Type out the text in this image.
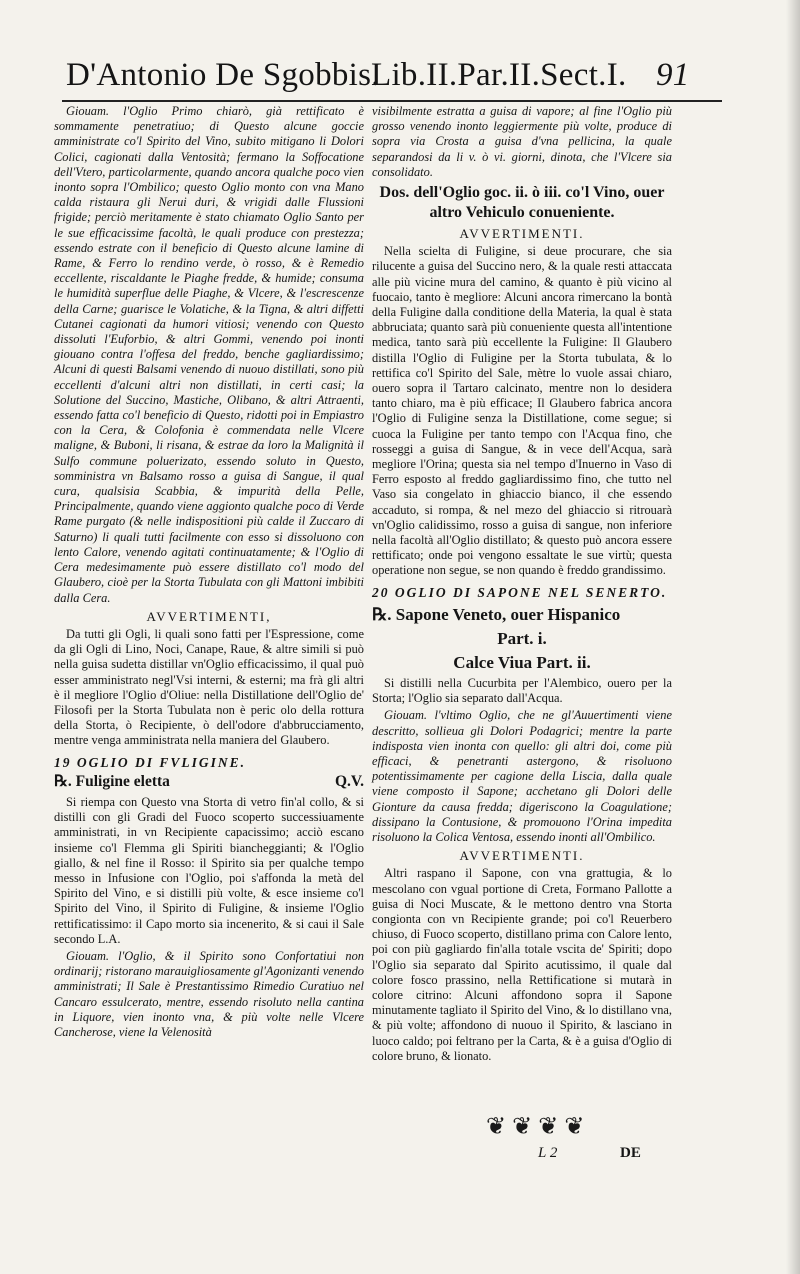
D'Antonio De Sgobbis.
Lib.II.Par.II.Sect.I. 91

Giouam. l'Oglio Primo chiarò, già rettificato è sommamente penetratiuo; di Questo alcune goccie amministrate co'l Spirito del Vino, subito mitigano li Dolori Colici, cagionati dalla Ventosità; fermano la Soffocatione dell'Vtero, particolarmente, quando ancora qualche poco vien inonto sopra l'Ombilico; questo Oglio monto con vna Mano calda ristaura gli Nerui duri, & vrigidi dalle Flussioni frigide; perciò meritamente è stato chiamato Oglio Santo per le sue efficacissime facoltà, le quali produce con prestezza; essendo estrate con il beneficio di Questo alcune lamine di Rame, & Ferro lo rendino verde, ò rosso, & è Remedio eccellente, riscaldante le Piaghe fredde, & humide; consuma le humidità superflue delle Piaghe, & Vlcere, & l'escrescenze della Carne; guarisce le Volatiche, & la Tigna, & altri diffetti Cutanei cagionati da humori vitiosi; venendo con Questo dissoluti l'Euforbio, & altri Gommi, venendo poi inonti giouano contra l'offesa del freddo, benche gagliardissimo; Alcuni di questi Balsami venendo di nuouo distillati, sono più eccellenti d'alcuni altri non distillati, in certi casi; la Solutione del Succino, Mastiche, Olibano, & altri Attraenti, essendo fatta co'l beneficio di Questo, ridotti poi in Empiastro con la Cera, & Colofonia è commendata nelle Vlcere maligne, & Buboni, li risana, & estrae da loro la Malignità il Sulfo commune poluerizato, essendo soluto in Questo, somministra vn Balsamo rosso a guisa di Sangue, il qual cura, qualsisia Scabbia, & impurità della Pelle, Principalmente, quando viene aggionto qualche poco di Verde Rame purgato (& nelle indispositioni più calde il Zuccaro di Saturno) li quali tutti facilmente con esso si dissoluono con lento Calore, venendo agitati continuatamente; & l'Oglio di Cera medesimamente può essere distillato co'l modo del Glaubero, cioè per la Storta Tubulata con gli Mattoni imbibiti dalla Cera.

AVVERTIMENTI,

Da tutti gli Ogli, li quali sono fatti per l'Espressione, come da gli Ogli di Lino, Noci, Canape, Raue, & altre simili si può nella guisa sudetta distillar vn'Oglio efficacissimo, il qual può esser amministrato negl'Vsi interni, & esterni; ma frà gli altri è il megliore l'Oglio d'Oliue: nella Distillatione dell'Oglio de' Filosofi per la Storta Tubulata non è peric olo della rottura della Storta, ò Recipiente, ò dell'odore d'abbrucciamento, mentre venga amministrata nella maniera del Glaubero.

19 OGLIO DI FVLIGINE.
℞. Fuligine eletta	Q.V.

Si riempa con Questo vna Storta di vetro fin'al collo, & si distilli con gli Gradi del Fuoco scoperto successiuamente amministrati, in vn Recipiente capacissimo; acciò escano insieme co'l Flemma gli Spiriti biancheggianti; & l'Oglio giallo, & nel fine il Rosso: il Spirito sia per qualche tempo messo in Infusione con l'Oglio, poi s'affonda la metà del Spirito del Vino, e si distilli più volte, & esce insieme co'l Spirito del Vino, il Spirito di Fuligine, & insieme l'Oglio rettificatissimo: il Capo morto sia incenerito, & si caui il Sale secondo L.A.

Giouam. l'Oglio, & il Spirito sono Confortatiui non ordinarij; ristorano marauigliosamente gl'Agonizanti venendo amministrati; Il Sale è Prestantissimo Rimedio Curatiuo nel Cancaro essulcerato, mentre, essendo risoluto nella cantina in Liquore, vien inonto vna, & più volte nelle Vlcere Cancherose, viene la Velenosità

visibilmente estratta a guisa di vapore; al fine l'Oglio più grosso venendo inonto leggiermente più volte, produce di sopra via Crosta a guisa d'vna pellicina, la quale separandosi da li v. ò vi. giorni, dinota, che l'Vlcere sia consolidato.

Dos. dell'Oglio goc. ii. ò iii. co'l Vino, ouer altro Vehiculo conueniente.
AVVERTIMENTI.

Nella scielta di Fuligine, si deue procurare, che sia rilucente a guisa del Succino nero, & la quale resti attaccata alle più vicine mura del camino, & quanto è più vicino al fuocaio, tanto è megliore: Alcuni ancora rimercano la bontà della Fuligine dalla conditione della Materia, la qual è stata abbruciata; quanto sarà più conueniente questa all'intentione medica, tanto sarà più eccellente la Fuligine: Il Glaubero distilla l'Oglio di Fuligine per la Storta tubulata, & lo rettifica co'l Spirito del Sale, mètre lo vuole assai chiaro, ouero sopra il Tartaro calcinato, mentre non lo desidera tanto chiaro, ma è più efficace; Il Glaubero fabrica ancora l'Oglio di Fuligine senza la Distillatione, come segue; si cuoca la Fuligine per tanto tempo con l'Acqua fino, che rosseggi a guisa di Sangue, & in vece dell'Acqua, sarà megliore l'Orina; questa sia nel tempo d'Inuerno in Vaso di Ferro esposto al freddo gagliardissimo fino, che tutto nel Vaso sia congelato in ghiaccio bianco, il che essendo accaduto, si rompa, & nel mezo del ghiaccio si ritrouarà vn'Oglio calidissimo, rosso a guisa di sangue, non inferiore nella facoltà all'Oglio distillato; & questo può ancora essere rettificato; onde poi vengono essaltate le sue virtù; questa operatione non segue, se non quando è freddo grandissimo.

20 OGLIO DI SAPONE NEL SENERTO.
℞. Sapone Veneto, ouer Hispanico
Part. i.
Calce Viua Part. ii.

Si distilli nella Cucurbita per l'Alembico, ouero per la Storta; l'Oglio sia separato dall'Acqua.

Giouam. l'vltimo Oglio, che ne gl'Auuertimenti viene descritto, sollieua gli Dolori Podagrici; mentre la parte indisposta vien inonta con quello: gli altri doi, come più efficaci, & penetranti astergono, & risoluono potentissimamente per cagione della Liscia, dalla quale viene composto il Sapone; acchetano gli Dolori delle Gionture da causa fredda; digeriscono la Coagulatione; dissipano la Contusione, & promouono l'Orina impedita risoluono la Colica Ventosa, essendo inonti all'Ombilico.

AVVERTIMENTI.

Altri raspano il Sapone, con vna grattugia, & lo mescolano con vgual portione di Creta, Formano Pallotte a guisa di Noci Muscate, & le mettono dentro vna Storta congionta con vn Recipiente grande; poi co'l Reuerbero chiuso, di Fuoco scoperto, distillano prima con Calore lento, poi con più gagliardo fin'alla totale vscita de' Spiriti; dopo l'Oglio sia separato dal Spirito acutissimo, il quale dal colore fosco prassino, nella Rettificatione si mutarà in colore citrino: Alcuni affondono sopra il Sapone minutamente tagliato il Spirito del Vino, & lo distillano vna, & più volte; affondono di nuouo il Spirito, & lasciano in luoco caldo; poi feltrano per la Carta, & è a guisa d'Oglio di colore bruno, & lionato.

❦ ❦ ❦ ❦
L 2	DE
